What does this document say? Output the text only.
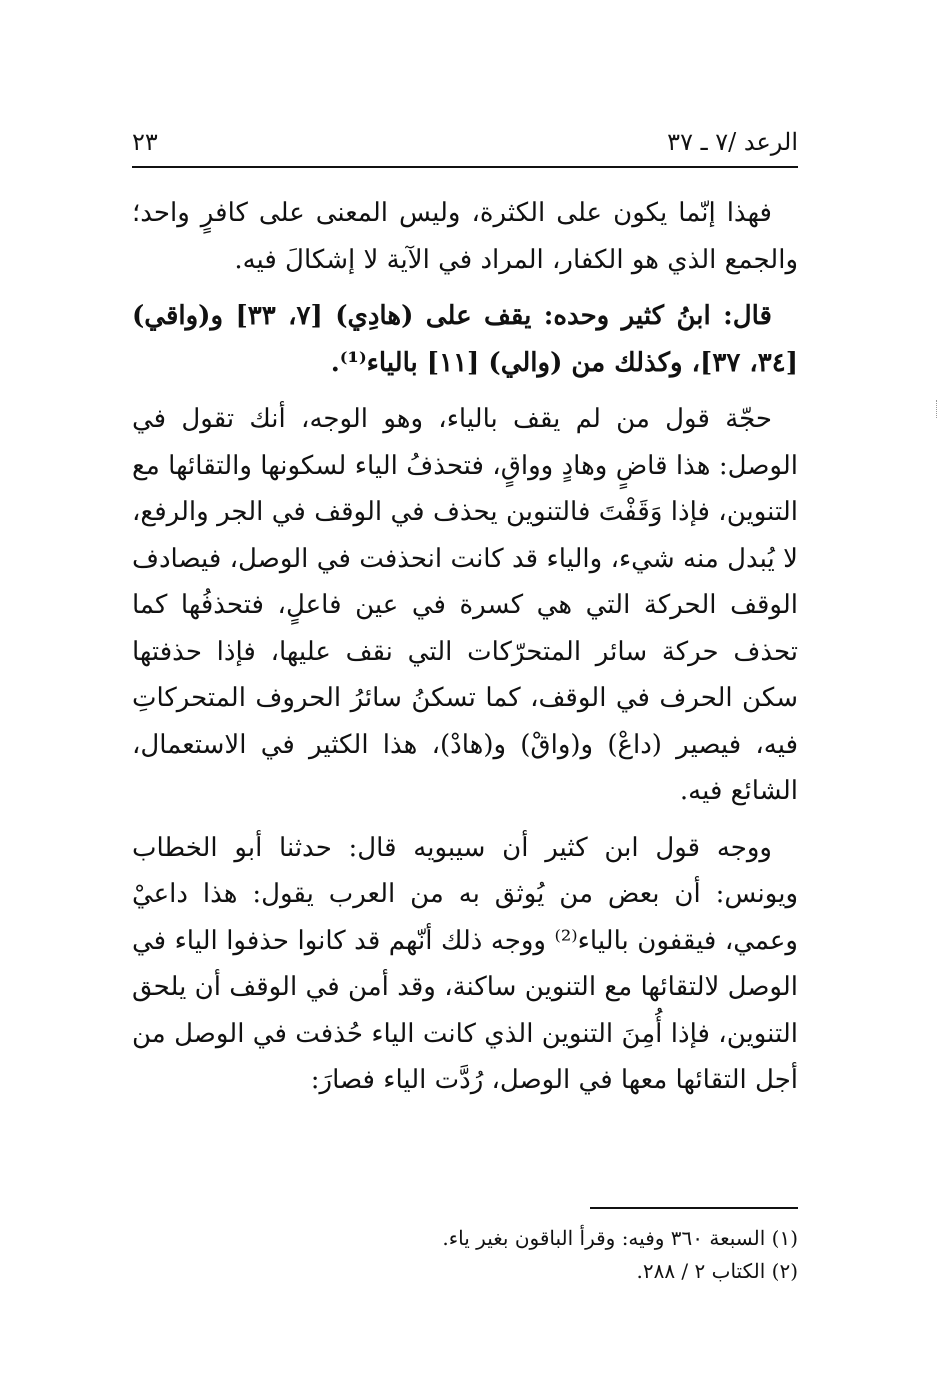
الرعد /٧ ـ ٣٧
٢٣

فهذا إنّما يكون على الكثرة، وليس المعنى على كافرٍ واحد؛ والجمع الذي هو الكفار، المراد في الآية لا إشكالَ فيه.

قال: ابنُ كثير وحده: يقف على (هادِي) [٧، ٣٣] و(واقي) [٣٤، ٣٧]، وكذلك من (والي) [١١] بالياء⁽¹⁾.

حجّة قول من لم يقف بالياء، وهو الوجه، أنك تقول في الوصل: هذا قاضٍ وهادٍ وواقٍ، فتحذفُ الياء لسكونها والتقائها مع التنوين، فإذا وَقَفْتَ فالتنوين يحذف في الوقف في الجر والرفع، لا يُبدل منه شيء، والياء قد كانت انحذفت في الوصل، فيصادف الوقف الحركة التي هي كسرة في عين فاعلٍ، فتحذفُها كما تحذف حركة سائر المتحرّكات التي نقف عليها، فإذا حذفتها سكن الحرف في الوقف، كما تسكنُ سائرُ الحروف المتحركاتِ فيه، فيصير (داعْ) و(واقْ) و(هادْ)، هذا الكثير في الاستعمال، الشائع فيه.

ووجه قول ابن كثير أن سيبويه قال: حدثنا أبو الخطاب ويونس: أن بعض من يُوثق به من العرب يقول: هذا داعيْ وعمي، فيقفون بالياء⁽²⁾ ووجه ذلك أنّهم قد كانوا حذفوا الياء في الوصل لالتقائها مع التنوين ساكنة، وقد أمن في الوقف أن يلحق التنوين، فإذا أُمِنَ التنوين الذي كانت الياء حُذفت في الوصل من أجل التقائها معها في الوصل، رُدَّت الياء فصارَ:

(١) السبعة ٣٦٠ وفيه: وقرأ الباقون بغير ياء.

(٢) الكتاب ٢ / ٢٨٨.
